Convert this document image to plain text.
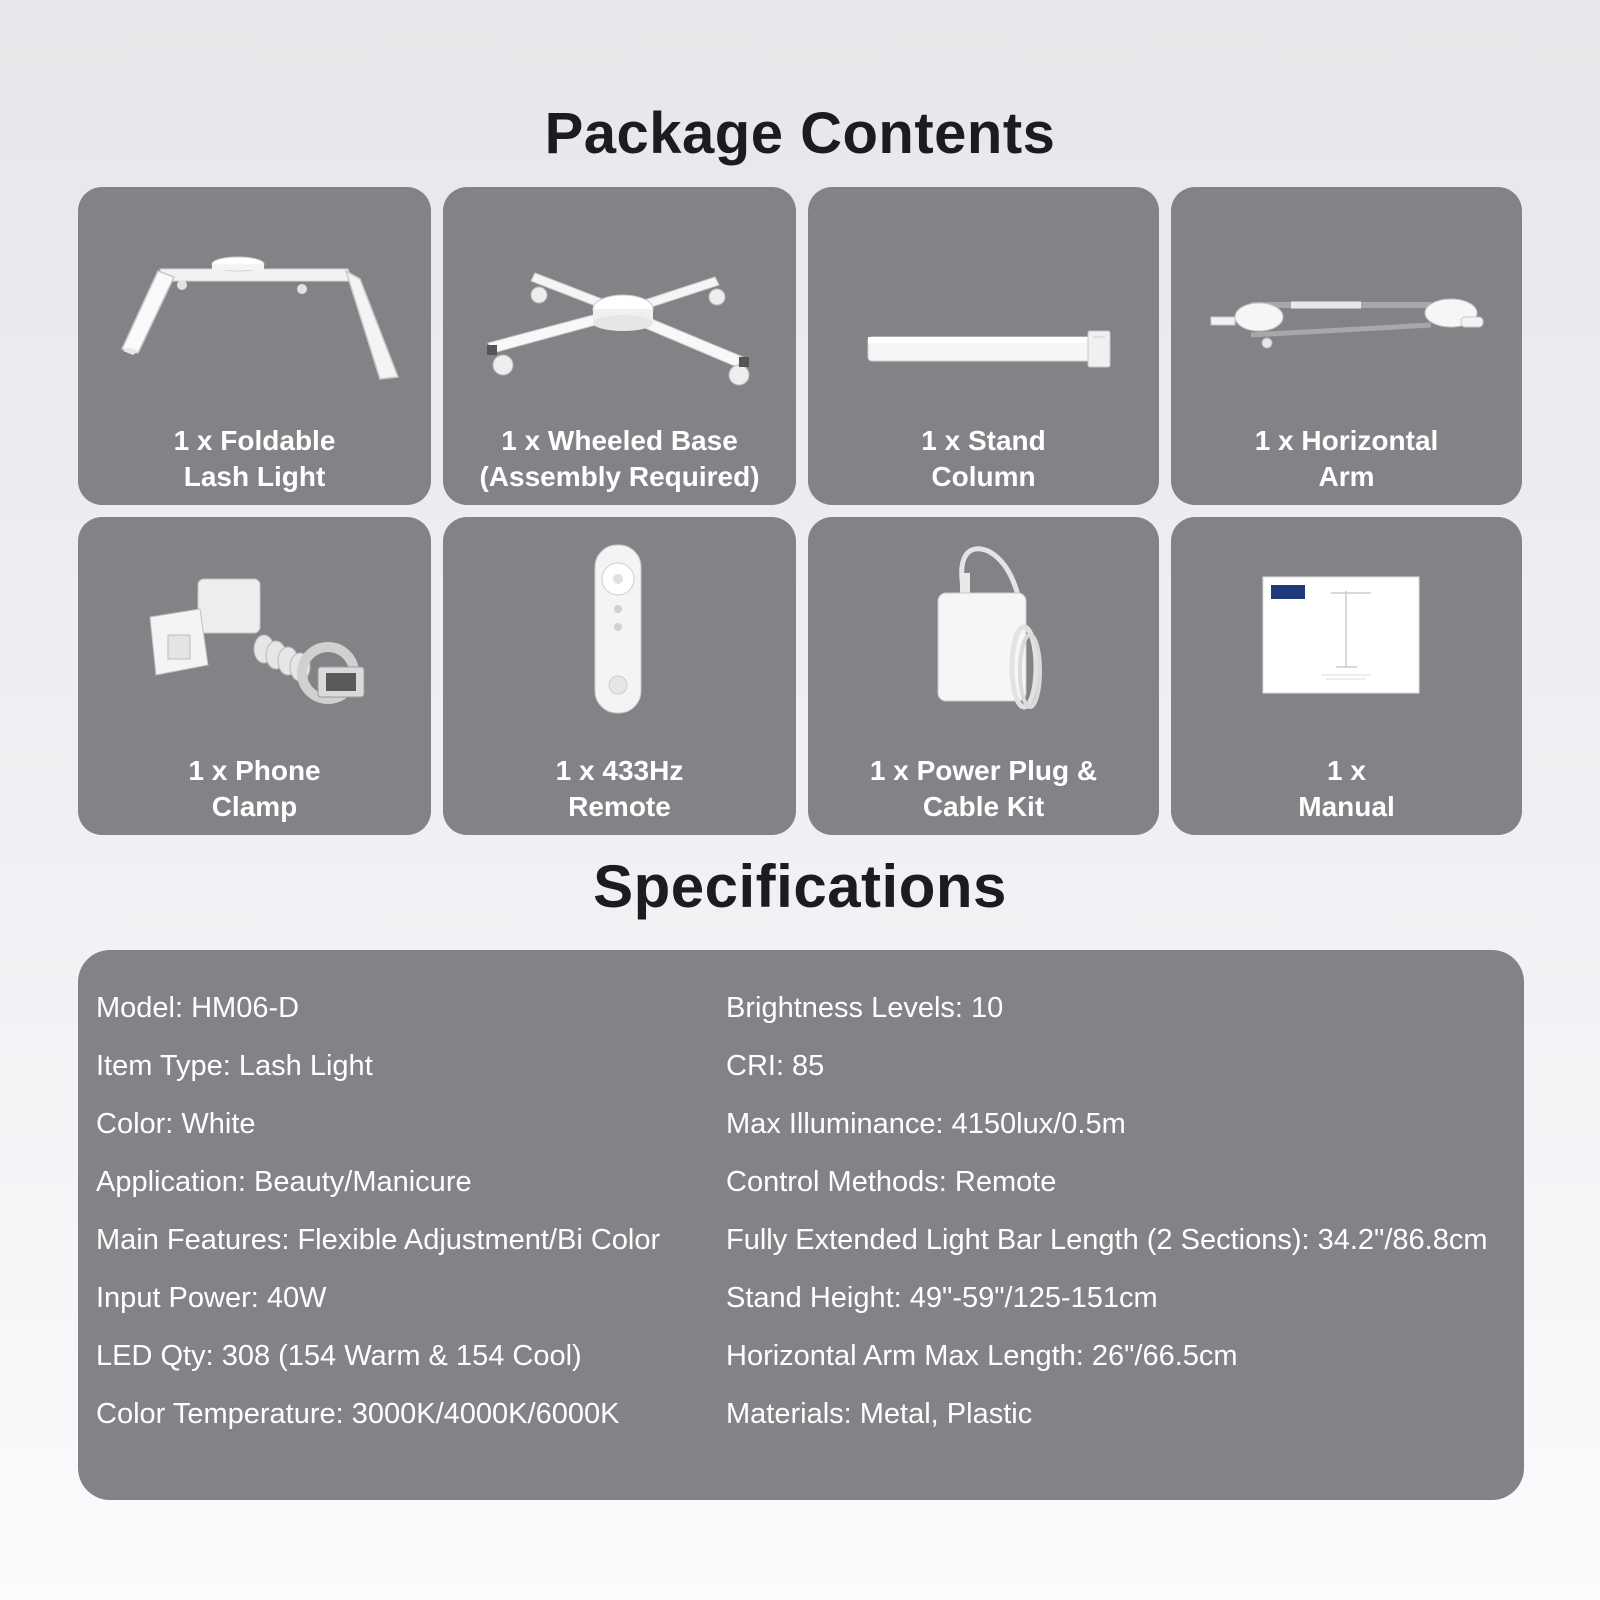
Package Contents
1 x Foldable
Lash Light
1 x Wheeled Base
(Assembly Required)
1 x Stand
Column
1 x Horizontal
Arm
1 x Phone
Clamp
1 x 433Hz
Remote
1 x Power Plug &
Cable Kit
1 x
Manual
Specifications
Model: HM06-D
Item Type: Lash Light
Color: White
Application: Beauty/Manicure
Main Features: Flexible Adjustment/Bi Color
Input Power: 40W
LED Qty: 308 (154 Warm & 154 Cool)
Color Temperature: 3000K/4000K/6000K
Brightness Levels: 10
CRI: 85
Max Illuminance: 4150lux/0.5m
Control Methods: Remote
Fully Extended Light Bar Length (2 Sections): 34.2"/86.8cm
Stand Height: 49"-59"/125-151cm
Horizontal Arm Max Length: 26"/66.5cm
Materials: Metal, Plastic
